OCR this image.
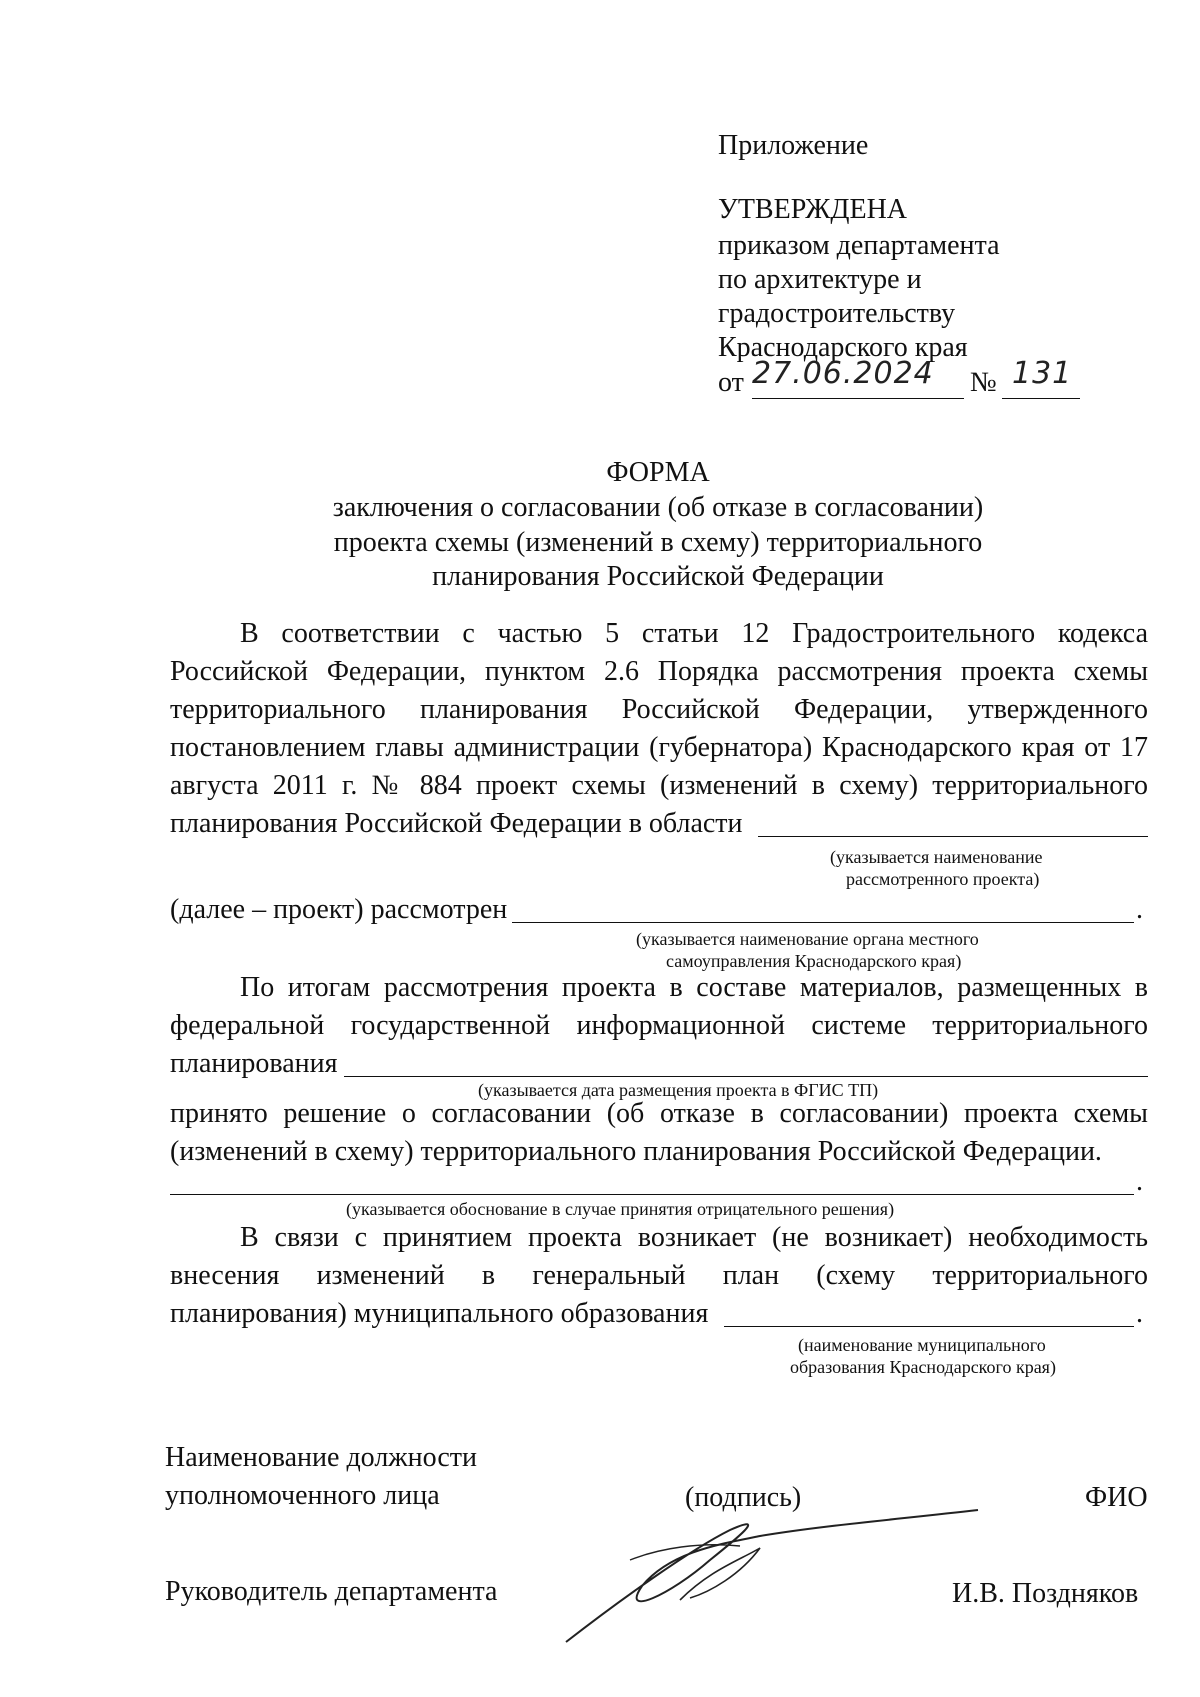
Приложение
УТВЕРЖДЕНА
приказом департамента
по архитектуре и
градостроительству
Краснодарского края
от 27.06.2024 № 131
ФОРМА
заключения о согласовании (об отказе в согласовании)
проекта схемы (изменений в схему) территориального
планирования Российской Федерации
В соответствии с частью 5 статьи 12 Градостроительного кодекса
Российской Федерации, пунктом 2.6 Порядка рассмотрения проекта схемы
территориального планирования Российской Федерации, утвержденного
постановлением главы администрации (губернатора) Краснодарского края от 17
августа 2011 г. № 884 проект схемы (изменений в схему) территориального
планирования Российской Федерации в области
(указывается наименование
рассмотренного проекта)
(далее – проект) рассмотрен	.
(указывается наименование органа местного
самоуправления Краснодарского края)
По итогам рассмотрения проекта в составе материалов, размещенных в
федеральной государственной информационной системе территориального
планирования
(указывается дата размещения проекта в ФГИС ТП)
принято решение о согласовании (об отказе в согласовании) проекта схемы
(изменений в схему) территориального планирования Российской Федерации.
.
(указывается обоснование в случае принятия отрицательного решения)
В связи с принятием проекта возникает (не возникает) необходимость
внесения изменений в генеральный план (схему территориального
планирования) муниципального образования	.
(наименование муниципального
образования Краснодарского края)
Наименование должности
уполномоченного лица	(подпись)	ФИО
Руководитель департамента	И.В. Поздняков
